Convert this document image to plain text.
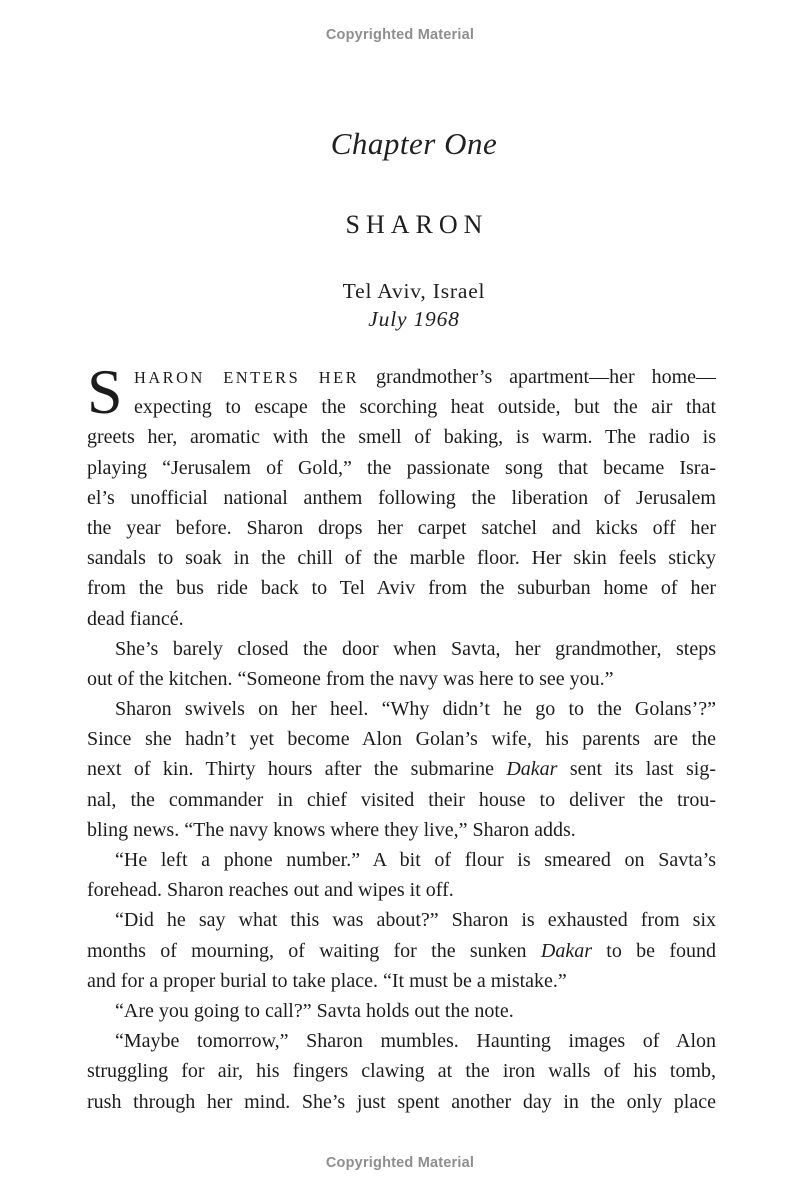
Copyrighted Material
Chapter One
SHARON
Tel Aviv, Israel
July 1968
S HARON ENTERS HER grandmother’s apartment—her home—
expecting to escape the scorching heat outside, but the air that
greets her, aromatic with the smell of baking, is warm. The radio is
playing “Jerusalem of Gold,” the passionate song that became Isra-
el’s unofficial national anthem following the liberation of Jerusalem
the year before. Sharon drops her carpet satchel and kicks off her
sandals to soak in the chill of the marble floor. Her skin feels sticky
from the bus ride back to Tel Aviv from the suburban home of her
dead fiancé.
She’s barely closed the door when Savta, her grandmother, steps
out of the kitchen. “Someone from the navy was here to see you.”
Sharon swivels on her heel. “Why didn’t he go to the Golans’?”
Since she hadn’t yet become Alon Golan’s wife, his parents are the
next of kin. Thirty hours after the submarine Dakar sent its last sig-
nal, the commander in chief visited their house to deliver the trou-
bling news. “The navy knows where they live,” Sharon adds.
“He left a phone number.” A bit of flour is smeared on Savta’s
forehead. Sharon reaches out and wipes it off.
“Did he say what this was about?” Sharon is exhausted from six
months of mourning, of waiting for the sunken Dakar to be found
and for a proper burial to take place. “It must be a mistake.”
“Are you going to call?” Savta holds out the note.
“Maybe tomorrow,” Sharon mumbles. Haunting images of Alon
struggling for air, his fingers clawing at the iron walls of his tomb,
rush through her mind. She’s just spent another day in the only place
Copyrighted Material
